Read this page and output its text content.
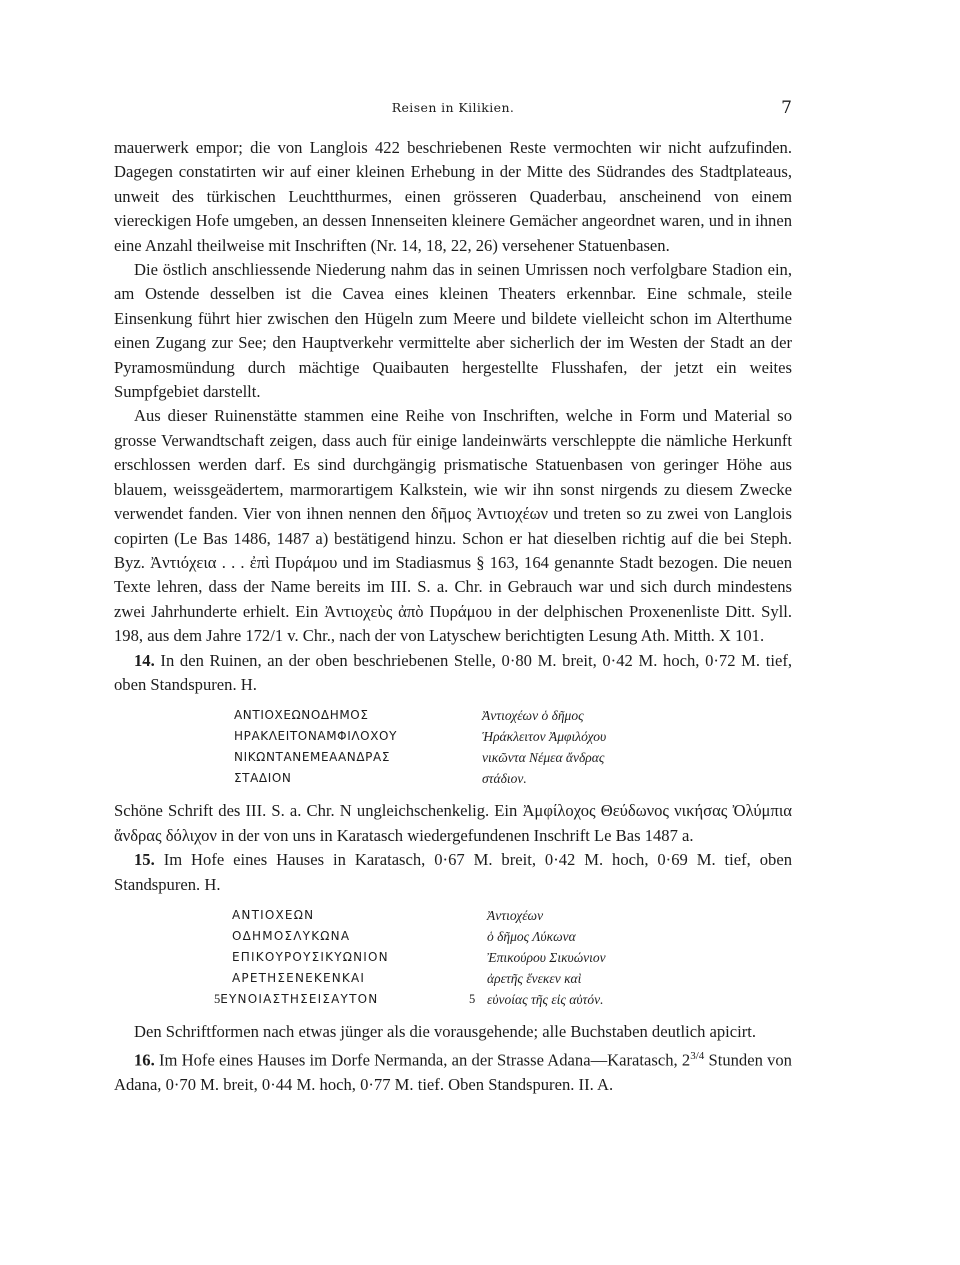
Reisen in Kilikien.	7

mauerwerk empor; die von Langlois 422 beschriebenen Reste vermochten wir nicht aufzufinden. Dagegen constatirten wir auf einer kleinen Erhebung in der Mitte des Südrandes des Stadtplateaus, unweit des türkischen Leuchtthurmes, einen grösseren Quaderbau, anscheinend von einem viereckigen Hofe umgeben, an dessen Innenseiten kleinere Gemächer angeordnet waren, und in ihnen eine Anzahl theilweise mit Inschriften (Nr. 14, 18, 22, 26) versehener Statuenbasen.

Die östlich anschliessende Niederung nahm das in seinen Umrissen noch verfolgbare Stadion ein, am Ostende desselben ist die Cavea eines kleinen Theaters erkennbar. Eine schmale, steile Einsenkung führt hier zwischen den Hügeln zum Meere und bildete vielleicht schon im Alterthume einen Zugang zur See; den Hauptverkehr vermittelte aber sicherlich der im Westen der Stadt an der Pyramosmündung durch mächtige Quaibauten hergestellte Flusshafen, der jetzt ein weites Sumpfgebiet darstellt.

Aus dieser Ruinenstätte stammen eine Reihe von Inschriften, welche in Form und Material so grosse Verwandtschaft zeigen, dass auch für einige landeinwärts verschleppte die nämliche Herkunft erschlossen werden darf. Es sind durchgängig prismatische Statuenbasen von geringer Höhe aus blauem, weissgeädertem, marmorartigem Kalkstein, wie wir ihn sonst nirgends zu diesem Zwecke verwendet fanden. Vier von ihnen nennen den δῆμος Ἀντιοχέων und treten so zu zwei von Langlois copirten (Le Bas 1486, 1487 a) bestätigend hinzu. Schon er hat dieselben richtig auf die bei Steph. Byz. Ἀντιόχεια . . . ἐπὶ Πυράμου und im Stadiasmus § 163, 164 genannte Stadt bezogen. Die neuen Texte lehren, dass der Name bereits im III. S. a. Chr. in Gebrauch war und sich durch mindestens zwei Jahrhunderte erhielt. Ein Ἀντιοχεὺς ἀπὸ Πυράμου in der delphischen Proxenenliste Ditt. Syll. 198, aus dem Jahre 172/1 v. Chr., nach der von Latyschew berichtigten Lesung Ath. Mitth. X 101.

14. In den Ruinen, an der oben beschriebenen Stelle, 0·80 M. breit, 0·42 M. hoch, 0·72 M. tief, oben Standspuren. H.

ΑΝΤΙΟΧΕΩΝΟΔΗΜΟΣ
ΗΡΑΚΛΕΙΤΟΝΑΜΦΙΛΟΧΟΥ
ΝΙΚΩΝΤΑΝΕΜΕΑΑΝΔΡΑΣ
ΣΤΑΔΙΟΝ
Ἀντιοχέων ὁ δῆμος
Ἡράκλειτον Ἀμφιλόχου
νικῶντα Νέμεα ἄνδρας
στάδιον.

Schöne Schrift des III. S. a. Chr. Ν ungleichschenkelig. Ein Ἀμφίλοχος Θεύδωνος νικήσας Ὀλύμπια ἄνδρας δόλιχον in der von uns in Karatasch wiedergefundenen Inschrift Le Bas 1487 a.

15. Im Hofe eines Hauses in Karatasch, 0·67 M. breit, 0·42 M. hoch, 0·69 M. tief, oben Standspuren. H.

ΑΝΤΙΟΧΕΩΝ
ΟΔΗΜΟΣΛΥΚΩΝΑ
ΕΠΙΚΟΥΡΟΥΣΙΚΥΩΝΙΟΝ
ΑΡΕΤΗΣΕΝΕΚΕΝΚΑΙ
5 ΕΥΝΟΙΑΣΤΗΣΕΙΣΑΥΤΟΝ
Ἀντιοχέων
ὁ δῆμος Λύκωνα
Ἐπικούρου Σικυώνιον
ἀρετῆς ἕνεκεν καὶ
5 εὐνοίας τῆς εἰς αὐτόν.

Den Schriftformen nach etwas jünger als die vorausgehende; alle Buchstaben deutlich apicirt.

16. Im Hofe eines Hauses im Dorfe Nermanda, an der Strasse Adana—Karatasch, $2^{3/4}$ Stunden von Adana, 0·70 M. breit, 0·44 M. hoch, 0·77 M. tief. Oben Standspuren. II. A.
